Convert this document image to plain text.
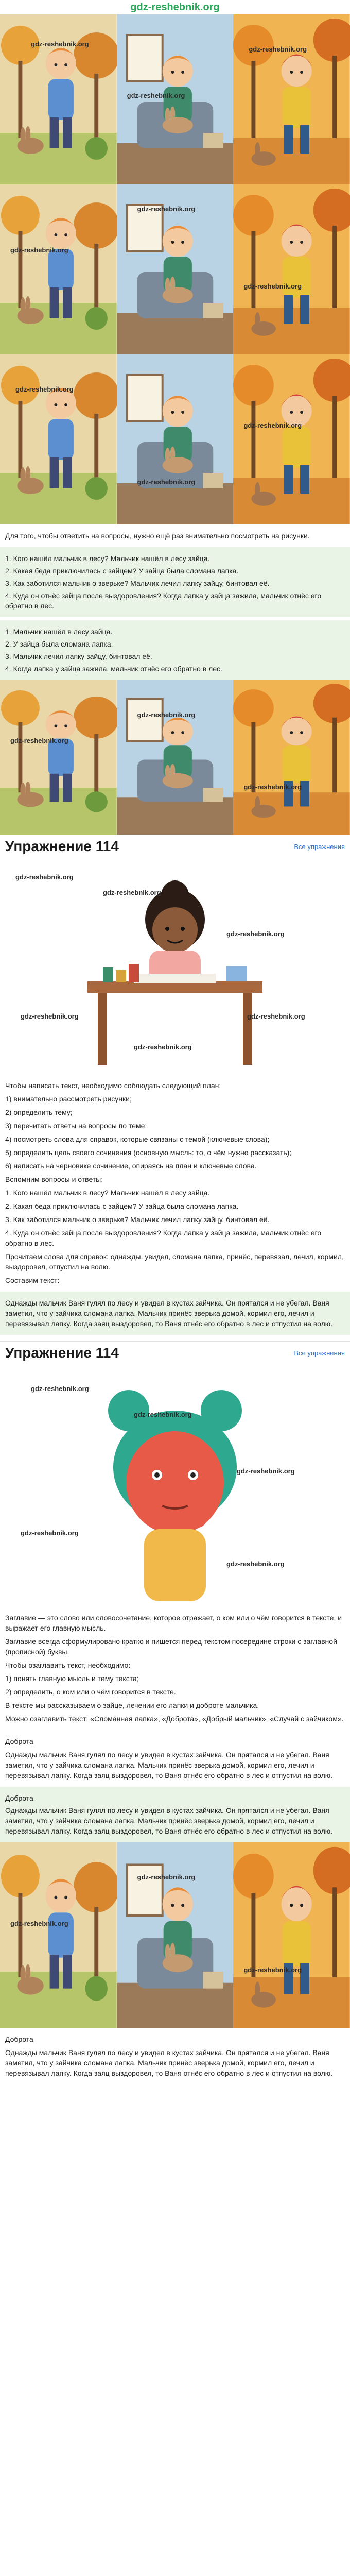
gdz-reshebnik.org
gdz-reshebnik.org
gdz-reshebnik.org
gdz-reshebnik.org
gdz-reshebnik.org
gdz-reshebnik.org
gdz-reshebnik.org
gdz-reshebnik.org
gdz-reshebnik.org
gdz-reshebnik.org

Для того, чтобы ответить на вопросы, нужно ещё раз внимательно посмотреть на рисунки.

1. Кого нашёл мальчик в лесу? Мальчик нашёл в лесу зайца.

2. Какая беда приключилась с зайцем? У зайца была сломана лапка.

3. Как заботился мальчик о зверьке? Мальчик лечил лапку зайцу, бинтовал её.

4. Куда он отнёс зайца после выздоровления? Когда лапка у зайца зажила, мальчик отнёс его обратно в лес.

1. Мальчик нашёл в лесу зайца.

2. У зайца была сломана лапка.

3. Мальчик лечил лапку зайцу, бинтовал её.

4. Когда лапка у зайца зажила, мальчик отнёс его обратно в лес.

gdz-reshebnik.org
gdz-reshebnik.org
gdz-reshebnik.org
Упражнение 114	Все упражнения
gdz-reshebnik.org
gdz-reshebnik.org
gdz-reshebnik.org
gdz-reshebnik.org
gdz-reshebnik.org
gdz-reshebnik.org

Чтобы написать текст, необходимо соблюдать следующий план:

1) внимательно рассмотреть рисунки;

2) определить тему;

3) перечитать ответы на вопросы по теме;

4) посмотреть слова для справок, которые связаны с темой (ключевые слова);

5) определить цель своего сочинения (основную мысль: то, о чём нужно рассказать);

6) написать на черновике сочинение, опираясь на план и ключевые слова.

Вспомним вопросы и ответы:

1. Кого нашёл мальчик в лесу? Мальчик нашёл в лесу зайца.

2. Какая беда приключилась с зайцем? У зайца была сломана лапка.

3. Как заботился мальчик о зверьке? Мальчик лечил лапку зайцу, бинтовал её.

4. Куда он отнёс зайца после выздоровления? Когда лапка у зайца зажила, мальчик отнёс его обратно в лес.

Прочитаем слова для справок: однажды, увидел, сломана лапка, принёс, перевязал, лечил, кормил, выздоровел, отпустил на волю.

Составим текст:

Однажды мальчик Ваня гулял по лесу и увидел в кустах зайчика. Он прятался и не убегал. Ваня заметил, что у зайчика сломана лапка. Мальчик принёс зверька домой, кормил его, лечил и перевязывал лапку. Когда заяц выздоровел, то Ваня отнёс его обратно в лес и отпустил на волю.

Упражнение 114	Все упражнения
gdz-reshebnik.org
gdz-reshebnik.org
gdz-reshebnik.org
gdz-reshebnik.org
gdz-reshebnik.org

Заглавие — это слово или словосочетание, которое отражает, о ком или о чём говорится в тексте, и выражает его главную мысль.

Заглавие всегда сформулировано кратко и пишется перед текстом посередине строки с заглавной (прописной) буквы.

Чтобы озаглавить текст, необходимо:

1) понять главную мысль и тему текста;

2) определить, о ком или о чём говорится в тексте.

В тексте мы рассказываем о зайце, лечении его лапки и доброте мальчика.

Можно озаглавить текст: «Сломанная лапка», «Доброта», «Добрый мальчик», «Случай с зайчиком».

Доброта

Однажды мальчик Ваня гулял по лесу и увидел в кустах зайчика. Он прятался и не убегал. Ваня заметил, что у зайчика сломана лапка. Мальчик принёс зверька домой, кормил его, лечил и перевязывал лапку. Когда заяц выздоровел, то Ваня отнёс его обратно в лес и отпустил на волю.

Доброта

Однажды мальчик Ваня гулял по лесу и увидел в кустах зайчика. Он прятался и не убегал. Ваня заметил, что у зайчика сломана лапка. Мальчик принёс зверька домой, кормил его, лечил и перевязывал лапку. Когда заяц выздоровел, то Ваня отнёс его обратно в лес и отпустил на волю.

gdz-reshebnik.org
gdz-reshebnik.org
gdz-reshebnik.org

Доброта

Однажды мальчик Ваня гулял по лесу и увидел в кустах зайчика. Он прятался и не убегал. Ваня заметил, что у зайчика сломана лапка. Мальчик принёс зверька домой, кормил его, лечил и перевязывал лапку. Когда заяц выздоровел, то Ваня отнёс его обратно в лес и отпустил на волю.
